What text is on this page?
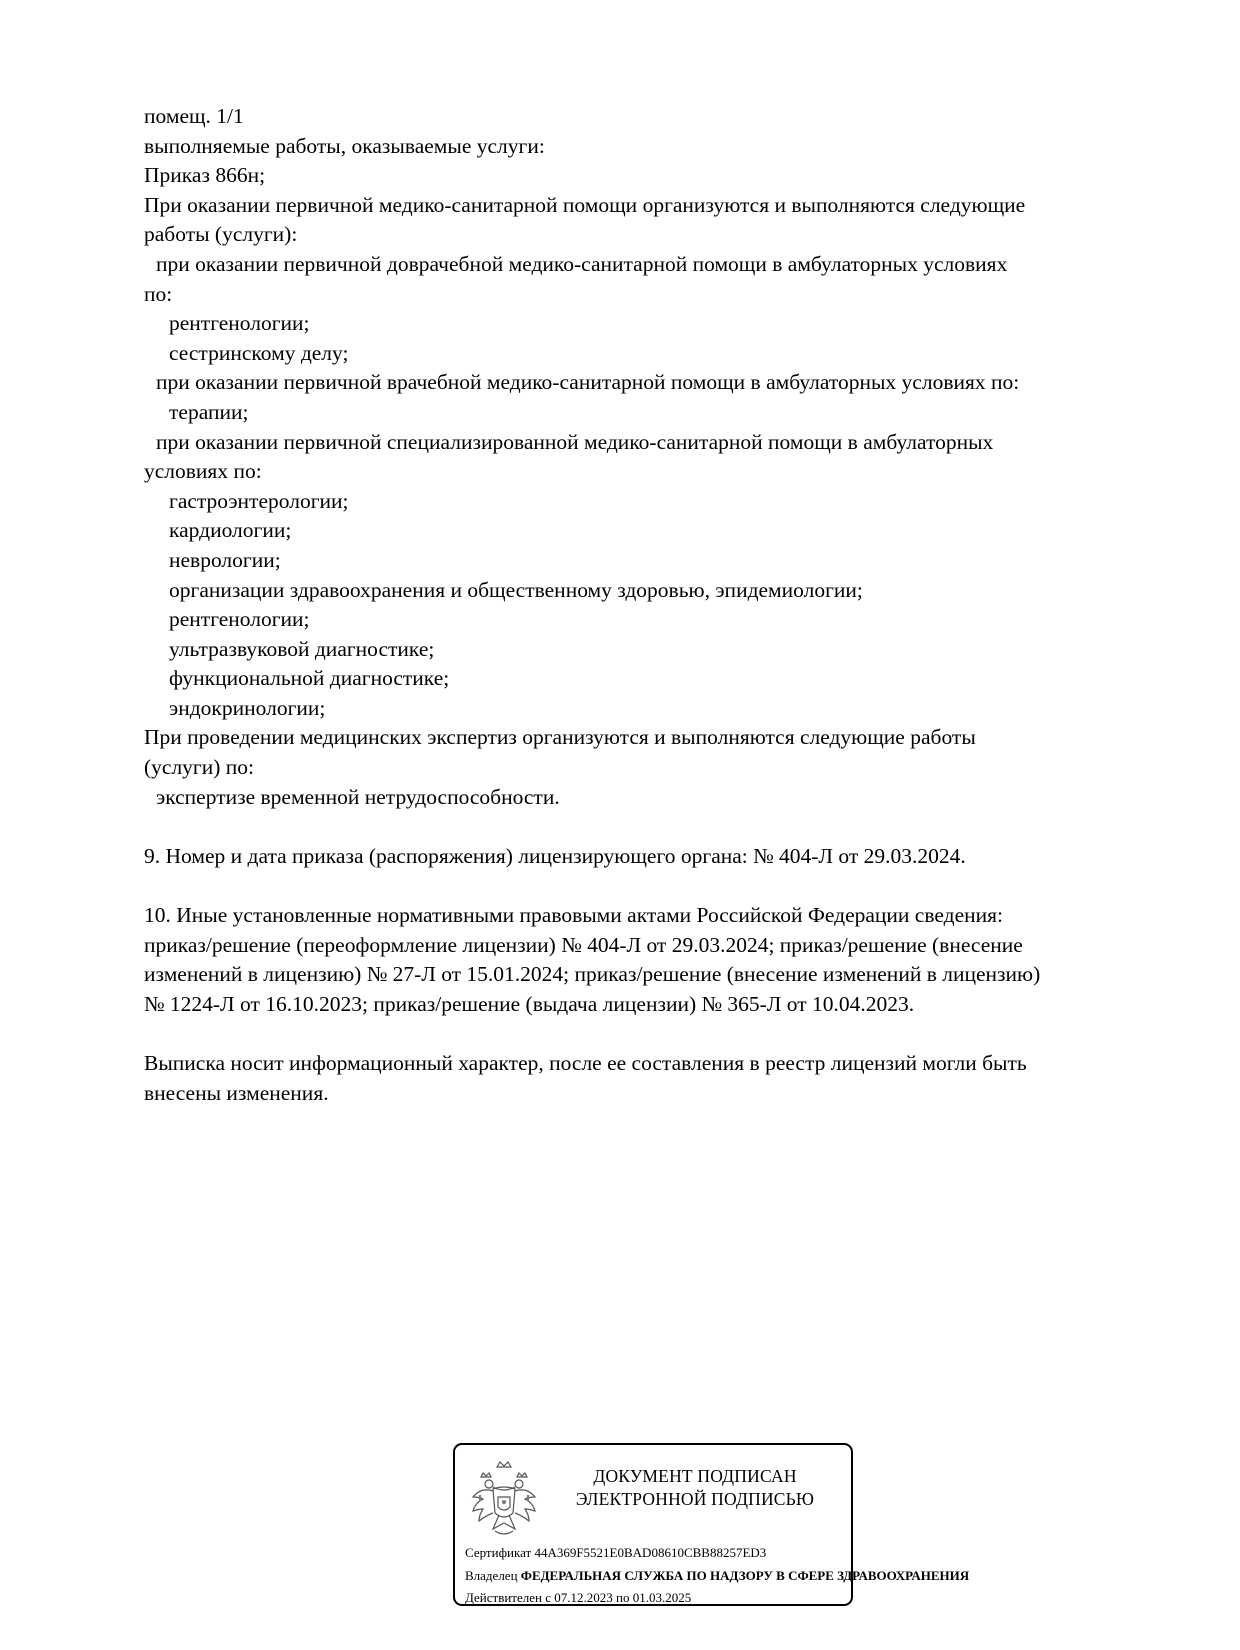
помещ. 1/1
выполняемые работы, оказываемые услуги:
Приказ 866н;
При оказании первичной медико-санитарной помощи организуются и выполняются следующие
работы (услуги):
при оказании первичной доврачебной медико-санитарной помощи в амбулаторных условиях
по:
рентгенологии;
сестринскому делу;
при оказании первичной врачебной медико-санитарной помощи в амбулаторных условиях по:
терапии;
при оказании первичной специализированной медико-санитарной помощи в амбулаторных
условиях по:
гастроэнтерологии;
кардиологии;
неврологии;
организации здравоохранения и общественному здоровью, эпидемиологии;
рентгенологии;
ультразвуковой диагностике;
функциональной диагностике;
эндокринологии;
При проведении медицинских экспертиз организуются и выполняются следующие работы
(услуги) по:
экспертизе временной нетрудоспособности.
9. Номер и дата приказа (распоряжения) лицензирующего органа: № 404-Л от 29.03.2024.
10. Иные установленные нормативными правовыми актами Российской Федерации сведения:
приказ/решение (переоформление лицензии) № 404-Л от 29.03.2024; приказ/решение (внесение
изменений в лицензию) № 27-Л от 15.01.2024; приказ/решение (внесение изменений в лицензию)
№ 1224-Л от 16.10.2023; приказ/решение (выдача лицензии) № 365-Л от 10.04.2023.
Выписка носит информационный характер, после ее составления в реестр лицензий могли быть
внесены изменения.
ДОКУМЕНТ ПОДПИСАН
ЭЛЕКТРОННОЙ ПОДПИСЬЮ
Сертификат 44A369F5521E0BAD08610CBB88257ED3
Владелец ФЕДЕРАЛЬНАЯ СЛУЖБА ПО НАДЗОРУ В СФЕРЕ ЗДРАВООХРАНЕНИЯ
Действителен с 07.12.2023 по 01.03.2025
